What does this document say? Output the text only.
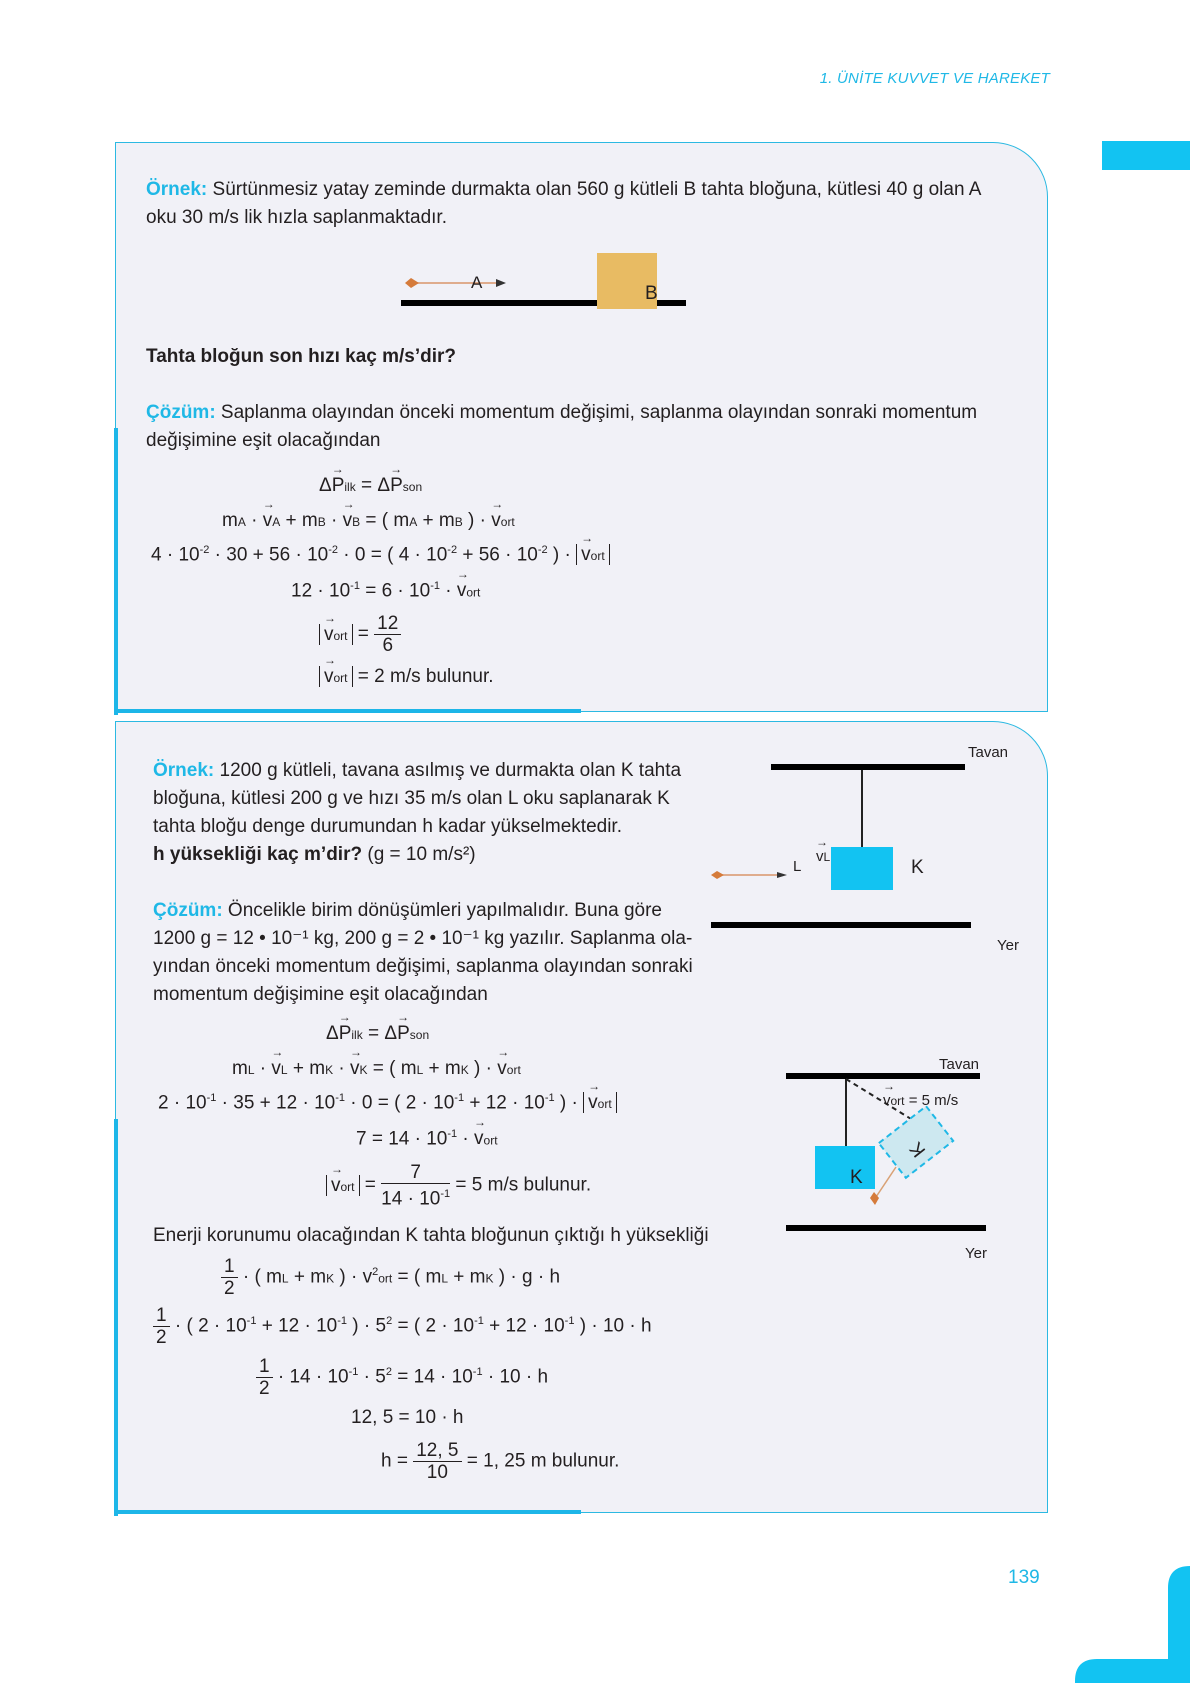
1. ÜNİTE KUVVET VE HAREKET
Örnek: Sürtünmesiz yatay zeminde durmakta olan 560 g kütleli B tahta bloğuna, kütlesi 40 g olan A oku 30 m/s lik hızla saplanmaktadır.
A
B
Tahta bloğun son hızı kaç m/s’dir?
Çözüm: Saplanma olayından önceki momentum değişimi, saplanma olayından sonraki momentum değişimine eşit olacağından
Δ→ Pilk = Δ→ Pson
mA · → vA + mB · → vB = ( mA + mB ) · → vort
$4 \cdot 10^{-2} \cdot 30 + 56 \cdot 10^{-2} \cdot 0$ = ( $4 \cdot 10^{-2} + 56 \cdot 10^{-2}$ ) · → vort
$12 \cdot 10^{-1} = 6 \cdot 10^{-1}$ · → vort
→ vort = $\frac{12}{6}$
→ vort = 2 m/s bulunur.
Örnek: 1200 g kütleli, tavana asılmış ve durmakta olan K tahta
bloğuna, kütlesi 200 g ve hızı 35 m/s olan L oku saplanarak K
tahta bloğu denge durumundan h kadar yükselmektedir.
h yüksekliği kaç m’dir? (g = 10 m/s²)
Çözüm: Öncelikle birim dönüşümleri yapılmalıdır. Buna göre
1200 g = 12 • 10⁻¹ kg, 200 g = 2 • 10⁻¹ kg yazılır. Saplanma ola-
yından önceki momentum değişimi, saplanma olayından sonraki
momentum değişimine eşit olacağından
Tavan
Yer
L
→ vL	K
Tavan
Yer
→ vort = 5 m/s
K
K
Δ→ Pilk = Δ→ Pson
mL · → vL + mK · → vK = ( mL + mK ) · → vort
$2 \cdot 10^{-1} \cdot 35 + 12 \cdot 10^{-1} \cdot 0$ = ( $2 \cdot 10^{-1} + 12 \cdot 10^{-1}$ ) · → vort
$7 = 14 \cdot 10^{-1}$ · → vort
→ vort = $\frac{7}{14 \cdot 10^{-1}} = 5$ m/s bulunur.
Enerji korunumu olacağından K tahta bloğunun çıktığı h yüksekliği
$\frac{1}{2}$ · ( mL + mK ) · $v^2ort$ = ( mL + mK ) · g · h
$\frac{1}{2}$ · ( $2 \cdot 10^{-1} + 12 \cdot 10^{-1}$ ) · $5^2$ = ( $2 \cdot 10^{-1} + 12 \cdot 10^{-1}$ ) · 10 · h
$\frac{1}{2} \cdot 14 \cdot 10^{-1} \cdot 5^2 = 14 \cdot 10^{-1} \cdot 10 \cdot h$
12, 5 = 10 · h
$h = \frac{12, 5}{10} = 1$, 25 m bulunur.
139
